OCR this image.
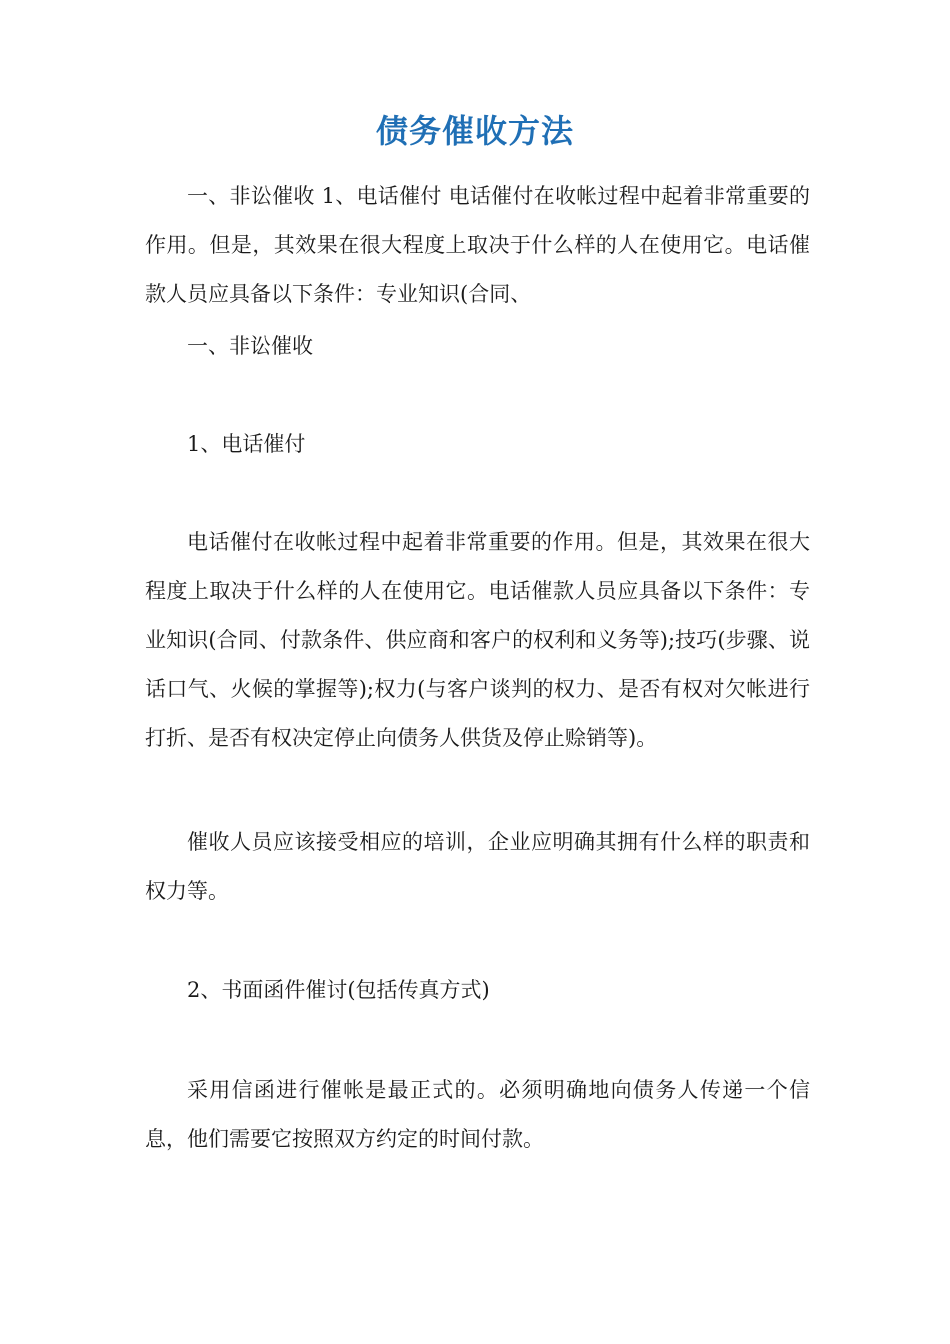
债务催收方法

一、非讼催收 1、电话催付 电话催付在收帐过程中起着非常重要的作用。但是，其效果在很大程度上取决于什么样的人在使用它。电话催款人员应具备以下条件：专业知识(合同、

一、非讼催收

1、电话催付

电话催付在收帐过程中起着非常重要的作用。但是，其效果在很大程度上取决于什么样的人在使用它。电话催款人员应具备以下条件：专业知识(合同、付款条件、供应商和客户的权利和义务等);技巧(步骤、说话口气、火候的掌握等);权力(与客户谈判的权力、是否有权对欠帐进行打折、是否有权决定停止向债务人供货及停止赊销等)。

催收人员应该接受相应的培训，企业应明确其拥有什么样的职责和权力等。

2、书面函件催讨(包括传真方式)

采用信函进行催帐是最正式的。必须明确地向债务人传递一个信息，他们需要它按照双方约定的时间付款。
